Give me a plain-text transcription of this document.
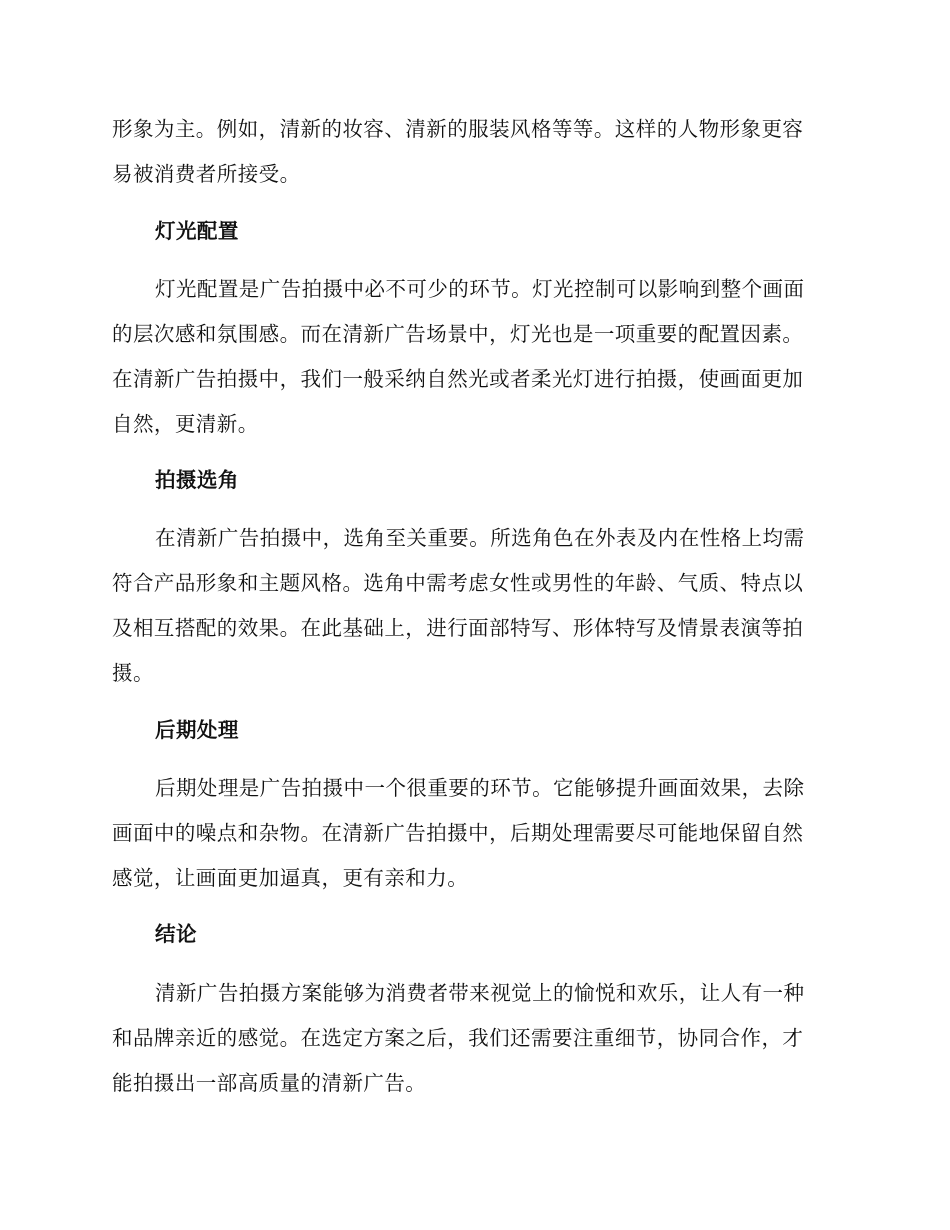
形象为主。例如，清新的妆容、清新的服装风格等等。这样的人物形象更容
易被消费者所接受。

灯光配置

灯光配置是广告拍摄中必不可少的环节。灯光控制可以影响到整个画面
的层次感和氛围感。而在清新广告场景中，灯光也是一项重要的配置因素。
在清新广告拍摄中，我们一般采纳自然光或者柔光灯进行拍摄，使画面更加
自然，更清新。

拍摄选角

在清新广告拍摄中，选角至关重要。所选角色在外表及内在性格上均需
符合产品形象和主题风格。选角中需考虑女性或男性的年龄、气质、特点以
及相互搭配的效果。在此基础上，进行面部特写、形体特写及情景表演等拍
摄。

后期处理

后期处理是广告拍摄中一个很重要的环节。它能够提升画面效果，去除
画面中的噪点和杂物。在清新广告拍摄中，后期处理需要尽可能地保留自然
感觉，让画面更加逼真，更有亲和力。

结论

清新广告拍摄方案能够为消费者带来视觉上的愉悦和欢乐，让人有一种
和品牌亲近的感觉。在选定方案之后，我们还需要注重细节，协同合作，才
能拍摄出一部高质量的清新广告。
